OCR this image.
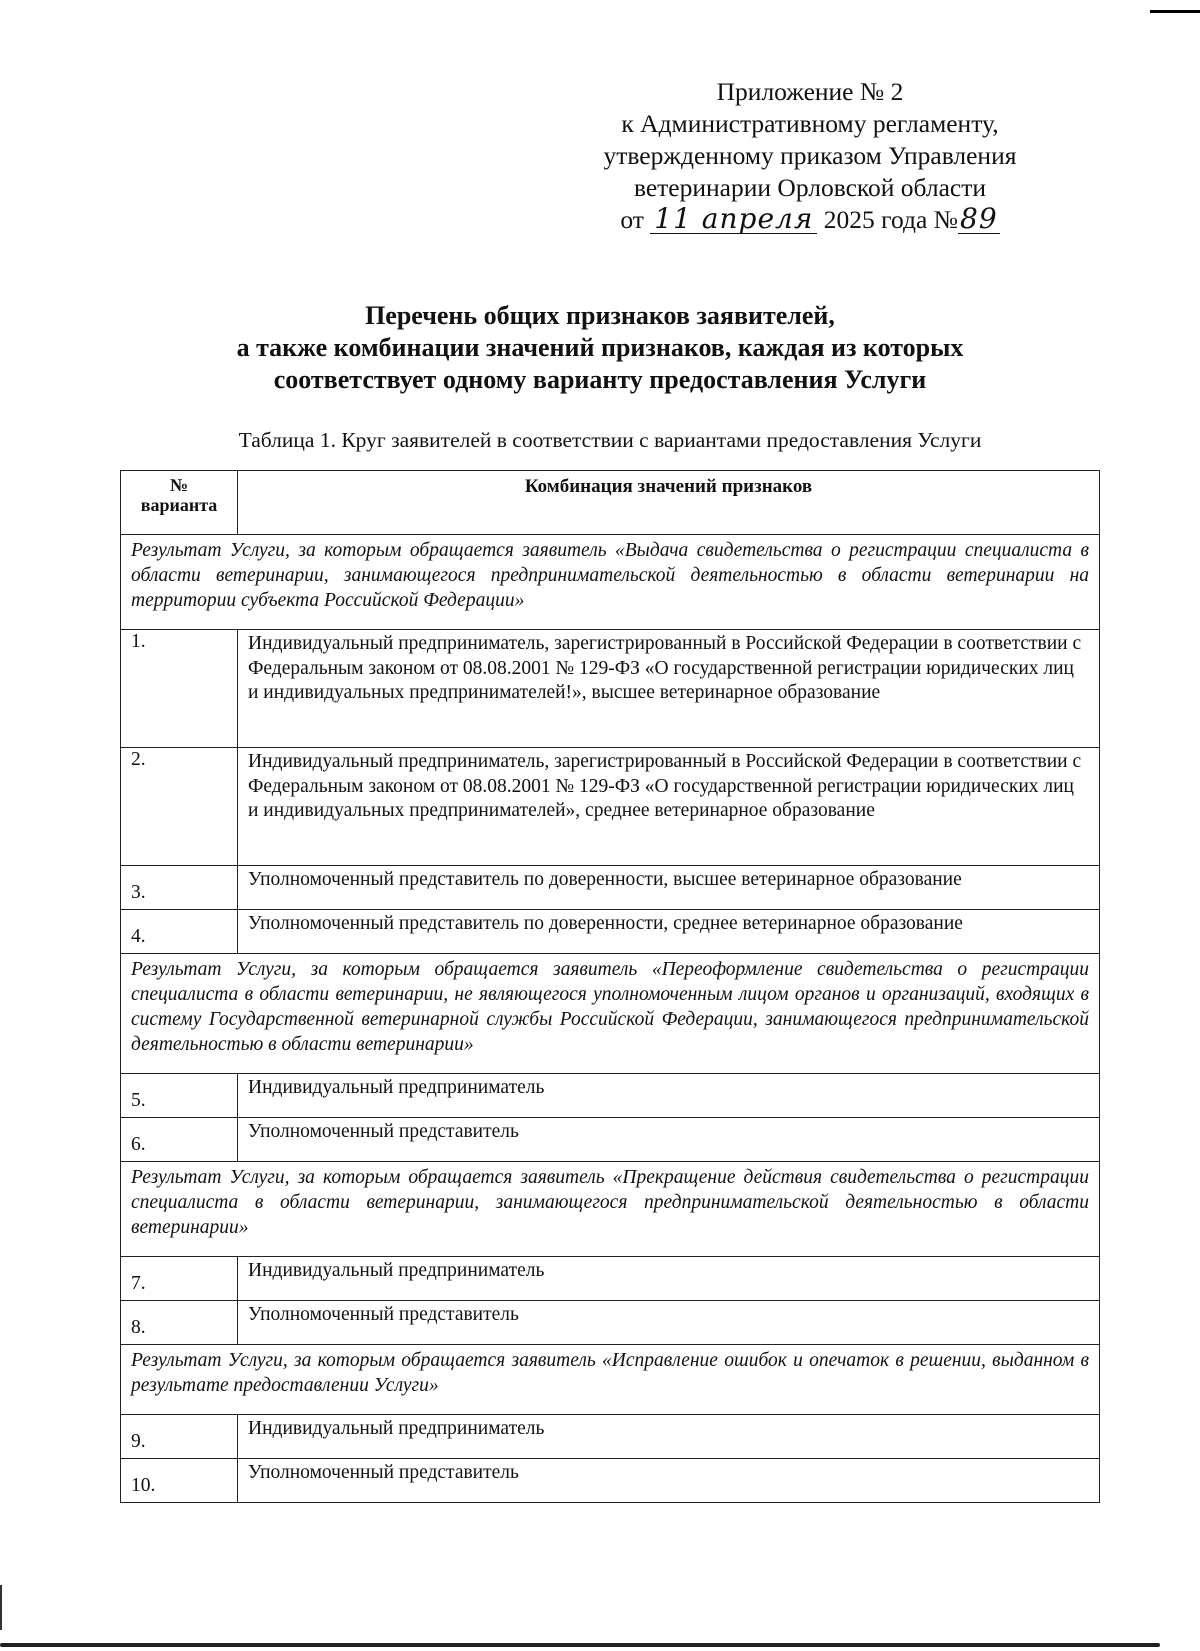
Приложение № 2
к Административному регламенту,
утвержденному приказом Управления
ветеринарии Орловской области
от 11 апреля 2025 года №89
Перечень общих признаков заявителей,
а также комбинации значений признаков, каждая из которых
соответствует одному варианту предоставления Услуги
Таблица 1. Круг заявителей в соответствии с вариантами предоставления Услуги
№
варианта	Комбинация значений признаков
Результат Услуги, за которым обращается заявитель «Выдача свидетельства о регистрации специалиста в области ветеринарии, занимающегося предпринимательской деятельностью в области ветеринарии на территории субъекта Российской Федерации»	
1.	Индивидуальный предприниматель, зарегистрированный в Российской Федерации в соответствии с Федеральным законом от 08.08.2001 № 129-ФЗ «О государственной регистрации юридических лиц и индивидуальных предпринимателей!», высшее ветеринарное образование
2.	Индивидуальный предприниматель, зарегистрированный в Российской Федерации в соответствии с Федеральным законом от 08.08.2001 № 129-ФЗ «О государственной регистрации юридических лиц и индивидуальных предпринимателей», среднее ветеринарное образование
3.	Уполномоченный представитель по доверенности, высшее ветеринарное образование
4.	Уполномоченный представитель по доверенности, среднее ветеринарное образование
Результат Услуги, за которым обращается заявитель «Переоформление свидетельства о регистрации специалиста в области ветеринарии, не являющегося уполномоченным лицом органов и организаций, входящих в систему Государственной ветеринарной службы Российской Федерации, занимающегося предпринимательской деятельностью в области ветеринарии»	
5.	Индивидуальный предприниматель
6.	Уполномоченный представитель
Результат Услуги, за которым обращается заявитель «Прекращение действия свидетельства о регистрации специалиста в области ветеринарии, занимающегося предпринимательской деятельностью в области ветеринарии»	
7.	Индивидуальный предприниматель
8.	Уполномоченный представитель
Результат Услуги, за которым обращается заявитель «Исправление ошибок и опечаток в решении, выданном в результате предоставлении Услуги»	
9.	Индивидуальный предприниматель
10.	Уполномоченный представитель
